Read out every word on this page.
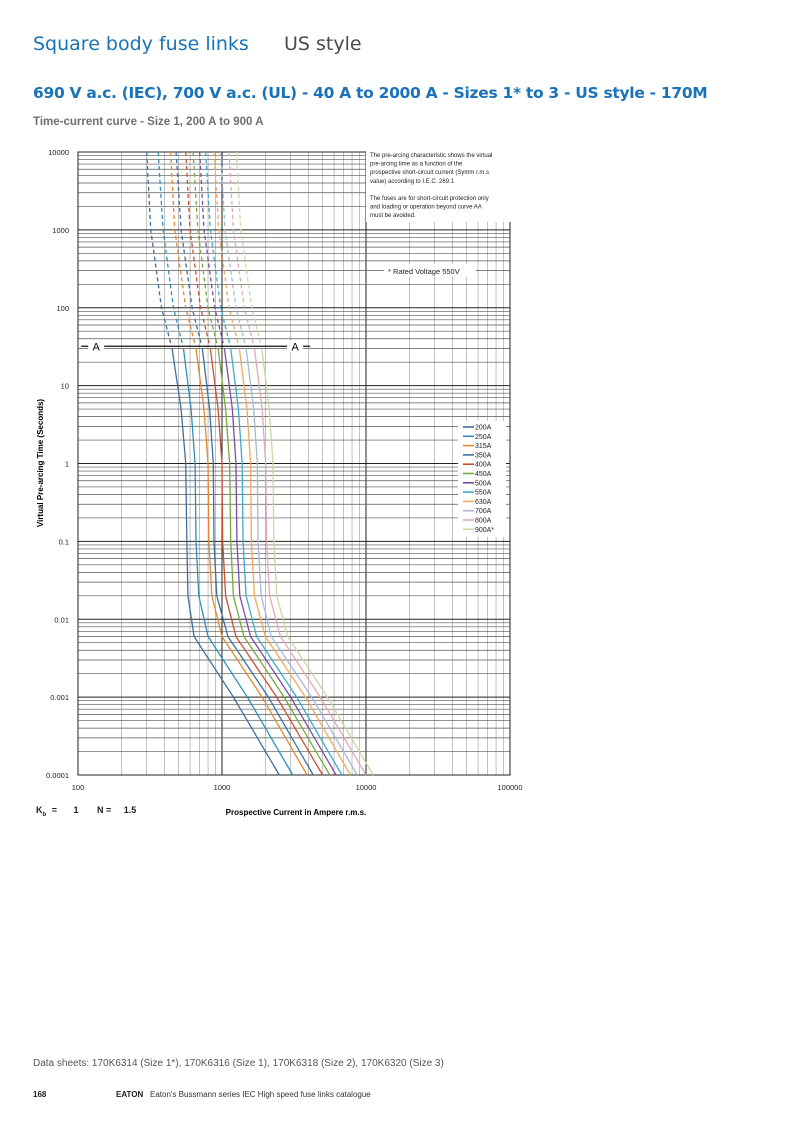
Square body fuse links US style
690 V a.c. (IEC), 700 V a.c. (UL) - 40 A to 2000 A - Sizes 1* to 3 - US style - 170M
Time-current curve - Size 1, 200 A to 900 A
A	A
The pre-arcing characteristic shows the virtual
pre-arcing time as a function of the
prospective short-circuit current (Symm r.m.s
value) according to I.E.C. 269.1
The fuses are for short-circuit protection only
and loading or operation beyond curve AA
must be avoided.
* Rated Voltage 550V
200A
250A
315A
350A
400A
450A
500A
550A
630A
700A
800A
900A*
100	1000	10000	100000
10000
1000
100
10
1
0.1
0.01
0.001
0.0001
Prospective Current in Ampere r.m.s.
Virtual Pre-arcing Time (Seconds)
$K_b = 1$ N = 1.5
Data sheets: 170K6314 (Size 1*), 170K6316 (Size 1), 170K6318 (Size 2), 170K6320 (Size 3)
168	EATON Eaton's Bussmann series IEC High speed fuse links catalogue
